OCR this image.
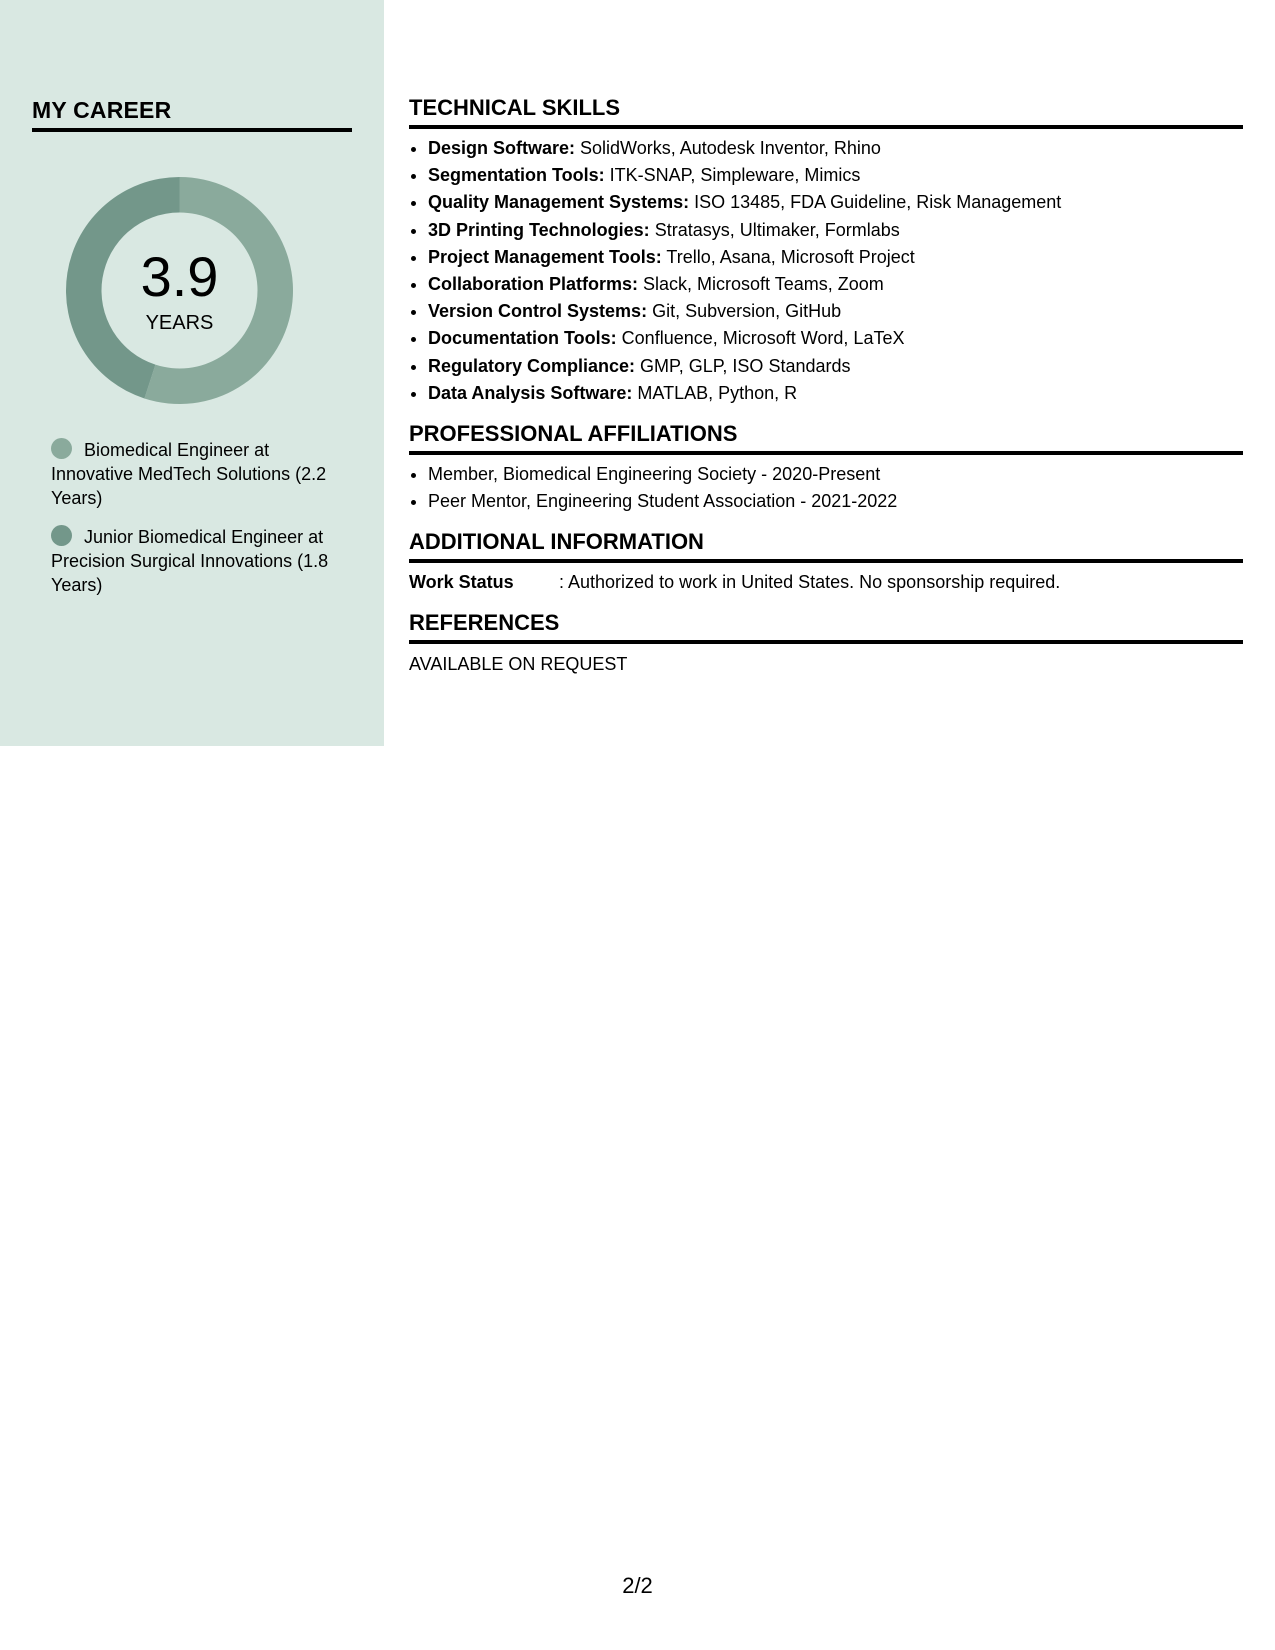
MY CAREER
3.9
YEARS
Biomedical Engineer at Innovative MedTech Solutions (2.2 Years)
Junior Biomedical Engineer at Precision Surgical Innovations (1.8 Years)
TECHNICAL SKILLS
• Design Software: SolidWorks, Autodesk Inventor, Rhino
• Segmentation Tools: ITK-SNAP, Simpleware, Mimics
• Quality Management Systems: ISO 13485, FDA Guideline, Risk Management
• 3D Printing Technologies: Stratasys, Ultimaker, Formlabs
• Project Management Tools: Trello, Asana, Microsoft Project
• Collaboration Platforms: Slack, Microsoft Teams, Zoom
• Version Control Systems: Git, Subversion, GitHub
• Documentation Tools: Confluence, Microsoft Word, LaTeX
• Regulatory Compliance: GMP, GLP, ISO Standards
• Data Analysis Software: MATLAB, Python, R
PROFESSIONAL AFFILIATIONS
• Member, Biomedical Engineering Society - 2020-Present
• Peer Mentor, Engineering Student Association - 2021-2022
ADDITIONAL INFORMATION
Work Status	: Authorized to work in United States. No sponsorship required.
REFERENCES

AVAILABLE ON REQUEST

2/2
